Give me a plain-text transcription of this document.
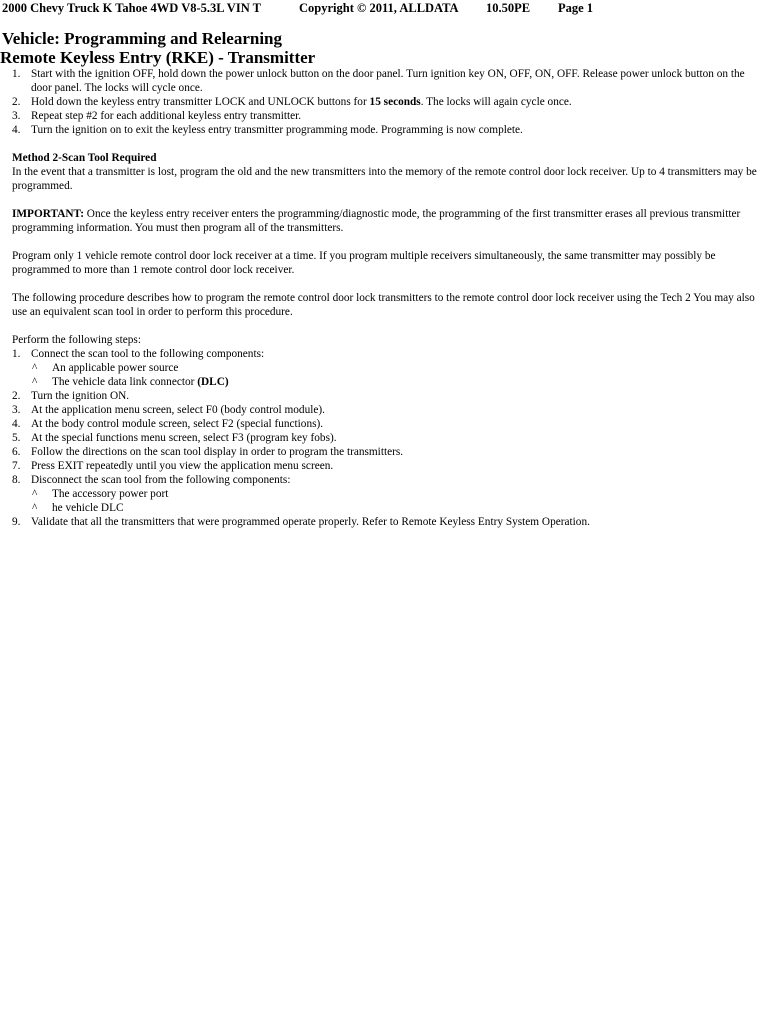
2000 Chevy Truck K Tahoe 4WD V8-5.3L VIN T	Copyright © 2011, ALLDATA 10.50PE Page 1
Vehicle: Programming and Relearning
Remote Keyless Entry (RKE) - Transmitter
1. Start with the ignition OFF, hold down the power unlock button on the door panel. Turn ignition key ON, OFF, ON, OFF. Release power unlock button on the door panel. The locks will cycle once.
2. Hold down the keyless entry transmitter LOCK and UNLOCK buttons for 15 seconds. The locks will again cycle once.
3. Repeat step #2 for each additional keyless entry transmitter.
4. Turn the ignition on to exit the keyless entry transmitter programming mode. Programming is now complete.

Method 2-Scan Tool Required

In the event that a transmitter is lost, program the old and the new transmitters into the memory of the remote control door lock receiver. Up to 4 transmitters may be programmed.

IMPORTANT: Once the keyless entry receiver enters the programming/diagnostic mode, the programming of the first transmitter erases all previous transmitter programming information. You must then program all of the transmitters.

Program only 1 vehicle remote control door lock receiver at a time. If you program multiple receivers simultaneously, the same transmitter may possibly be programmed to more than 1 remote control door lock receiver.

The following procedure describes how to program the remote control door lock transmitters to the remote control door lock receiver using the Tech 2 You may also use an equivalent scan tool in order to perform this procedure.

Perform the following steps:

1. Connect the scan tool to the following components:
^ An applicable power source
^ The vehicle data link connector (DLC)
2. Turn the ignition ON.
3. At the application menu screen, select F0 (body control module).
4. At the body control module screen, select F2 (special functions).
5. At the special functions menu screen, select F3 (program key fobs).
6. Follow the directions on the scan tool display in order to program the transmitters.
7. Press EXIT repeatedly until you view the application menu screen.
8. Disconnect the scan tool from the following components:
^ The accessory power port
^ he vehicle DLC
9. Validate that all the transmitters that were programmed operate properly. Refer to Remote Keyless Entry System Operation.
